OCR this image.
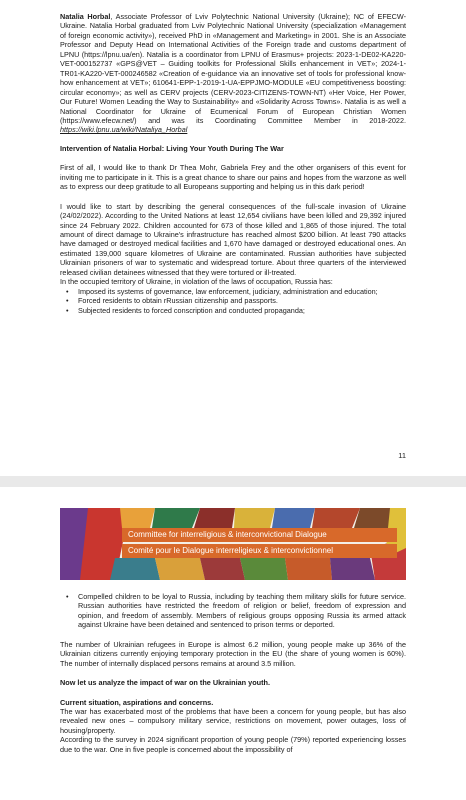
Natalia Horbal, Associate Professor of Lviv Polytechnic National University (Ukraine); NC of EFECW-Ukraine. Natalia Horbal graduated from Lviv Polytechnic National University (specialization «Management of foreign economic activity»), received PhD in «Management and Marketing» in 2001. She is an Associate Professor and Deputy Head on International Activities of the Foreign trade and customs department of LPNU (https://lpnu.ua/en). Natalia is a coordinator from LPNU of Erasmus+ projects: 2023-1-DE02-KA220-VET-000152737 «GPS@VET – Guiding toolkits for Professional Skills enhancement in VET»; 2024-1-TR01-KA220-VET-000246582 «Creation of e-guidance via an innovative set of tools for professional know-how enhancement at VET»; 610641-EPP-1-2019-1-UA-EPPJMO-MODULE «EU competitiveness boosting: circular economy»; as well as CERV projects (CERV-2023-CITIZENS-TOWN-NT) «Her Voice, Her Power, Our Future! Women Leading the Way to Sustainability» and «Solidarity Across Towns». Natalia is as well a National Coordinator for Ukraine of Ecumenical Forum of European Christian Women (https://www.efecw.net/) and was its Coordinating Committee Member in 2018-2022. https://wiki.lpnu.ua/wiki/Nataliya_Horbal

Intervention of Natalia Horbal: Living Your Youth During The War

First of all, I would like to thank Dr Thea Mohr, Gabriela Frey and the other organisers of this event for inviting me to participate in it. This is a great chance to share our pains and hopes from the warzone as well as to express our deep gratitude to all Europeans supporting and helping us in this dark period!

I would like to start by describing the general consequences of the full-scale invasion of Ukraine (24/02/2022). According to the United Nations at least 12,654 civilians have been killed and 29,392 injured since 24 February 2022. Children accounted for 673 of those killed and 1,865 of those injured. The total amount of direct damage to Ukraine's infrastructure has reached almost $200 billion. At least 790 attacks have damaged or destroyed medical facilities and 1,670 have damaged or destroyed educational ones. An estimated 139,000 square kilometres of Ukraine are contaminated. Russian authorities have subjected Ukrainian prisoners of war to systematic and widespread torture. About three quarters of the interviewed released civilian detainees witnessed that they were tortured or ill-treated.

In the occupied territory of Ukraine, in violation of the laws of occupation, Russia has:

• Imposed its systems of governance, law enforcement, judiciary, administration and education;
• Forced residents to obtain rRussian citizenship and passports.
• Subjected residents to forced conscription and conducted propaganda;
11
Committee for interreligious & interconvictional Dialogue
Comité pour le Dialogue interreligieux & interconvictionnel
• Compelled children to be loyal to Russia, including by teaching them military skills for future service. Russian authorities have restricted the freedom of religion or belief, freedom of expression and opinion, and freedom of assembly. Members of religious groups opposing Russia its armed attack against Ukraine have been detained and sentenced to prison terms or deported.

The number of Ukrainian refugees in Europe is almost 6.2 million, young people make up 36% of the Ukrainian citizens currently enjoying temporary protection in the EU (the share of young women is 60%). The number of internally displaced persons remains at around 3.5 million.

Now let us analyze the impact of war on the Ukrainian youth.

Current situation, aspirations and concerns.

The war has exacerbated most of the problems that have been a concern for young people, but has also revealed new ones – compulsory military service, restrictions on movement, power outages, loss of housing/property.

According to the survey in 2024 significant proportion of young people (79%) reported experiencing losses due to the war. One in five people is concerned about the impossibility of
